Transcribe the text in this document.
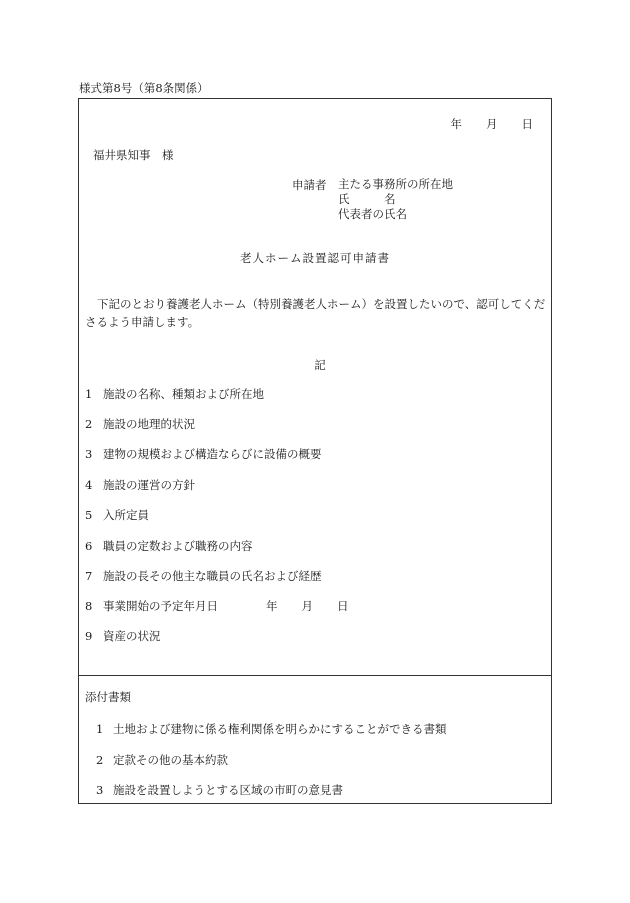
様式第8号（第8条関係）
年 月 日
福井県知事　様
申請者 主たる事務所の所在地
氏　　　名
代表者の氏名
老人ホーム設置認可申請書
下記のとおり養護老人ホーム（特別養護老人ホーム）を設置したいので、認可してくださるよう申請します。
記
1 施設の名称、種類および所在地
2 施設の地理的状況
3 建物の規模および構造ならびに設備の概要
4 施設の運営の方針
5 入所定員
6 職員の定数および職務の内容
7 施設の長その他主な職員の氏名および経歴
8 事業開始の予定年月日	年 月 日
9 資産の状況
添付書類
1 土地および建物に係る権利関係を明らかにすることができる書類
2 定款その他の基本約款
3 施設を設置しようとする区域の市町の意見書
